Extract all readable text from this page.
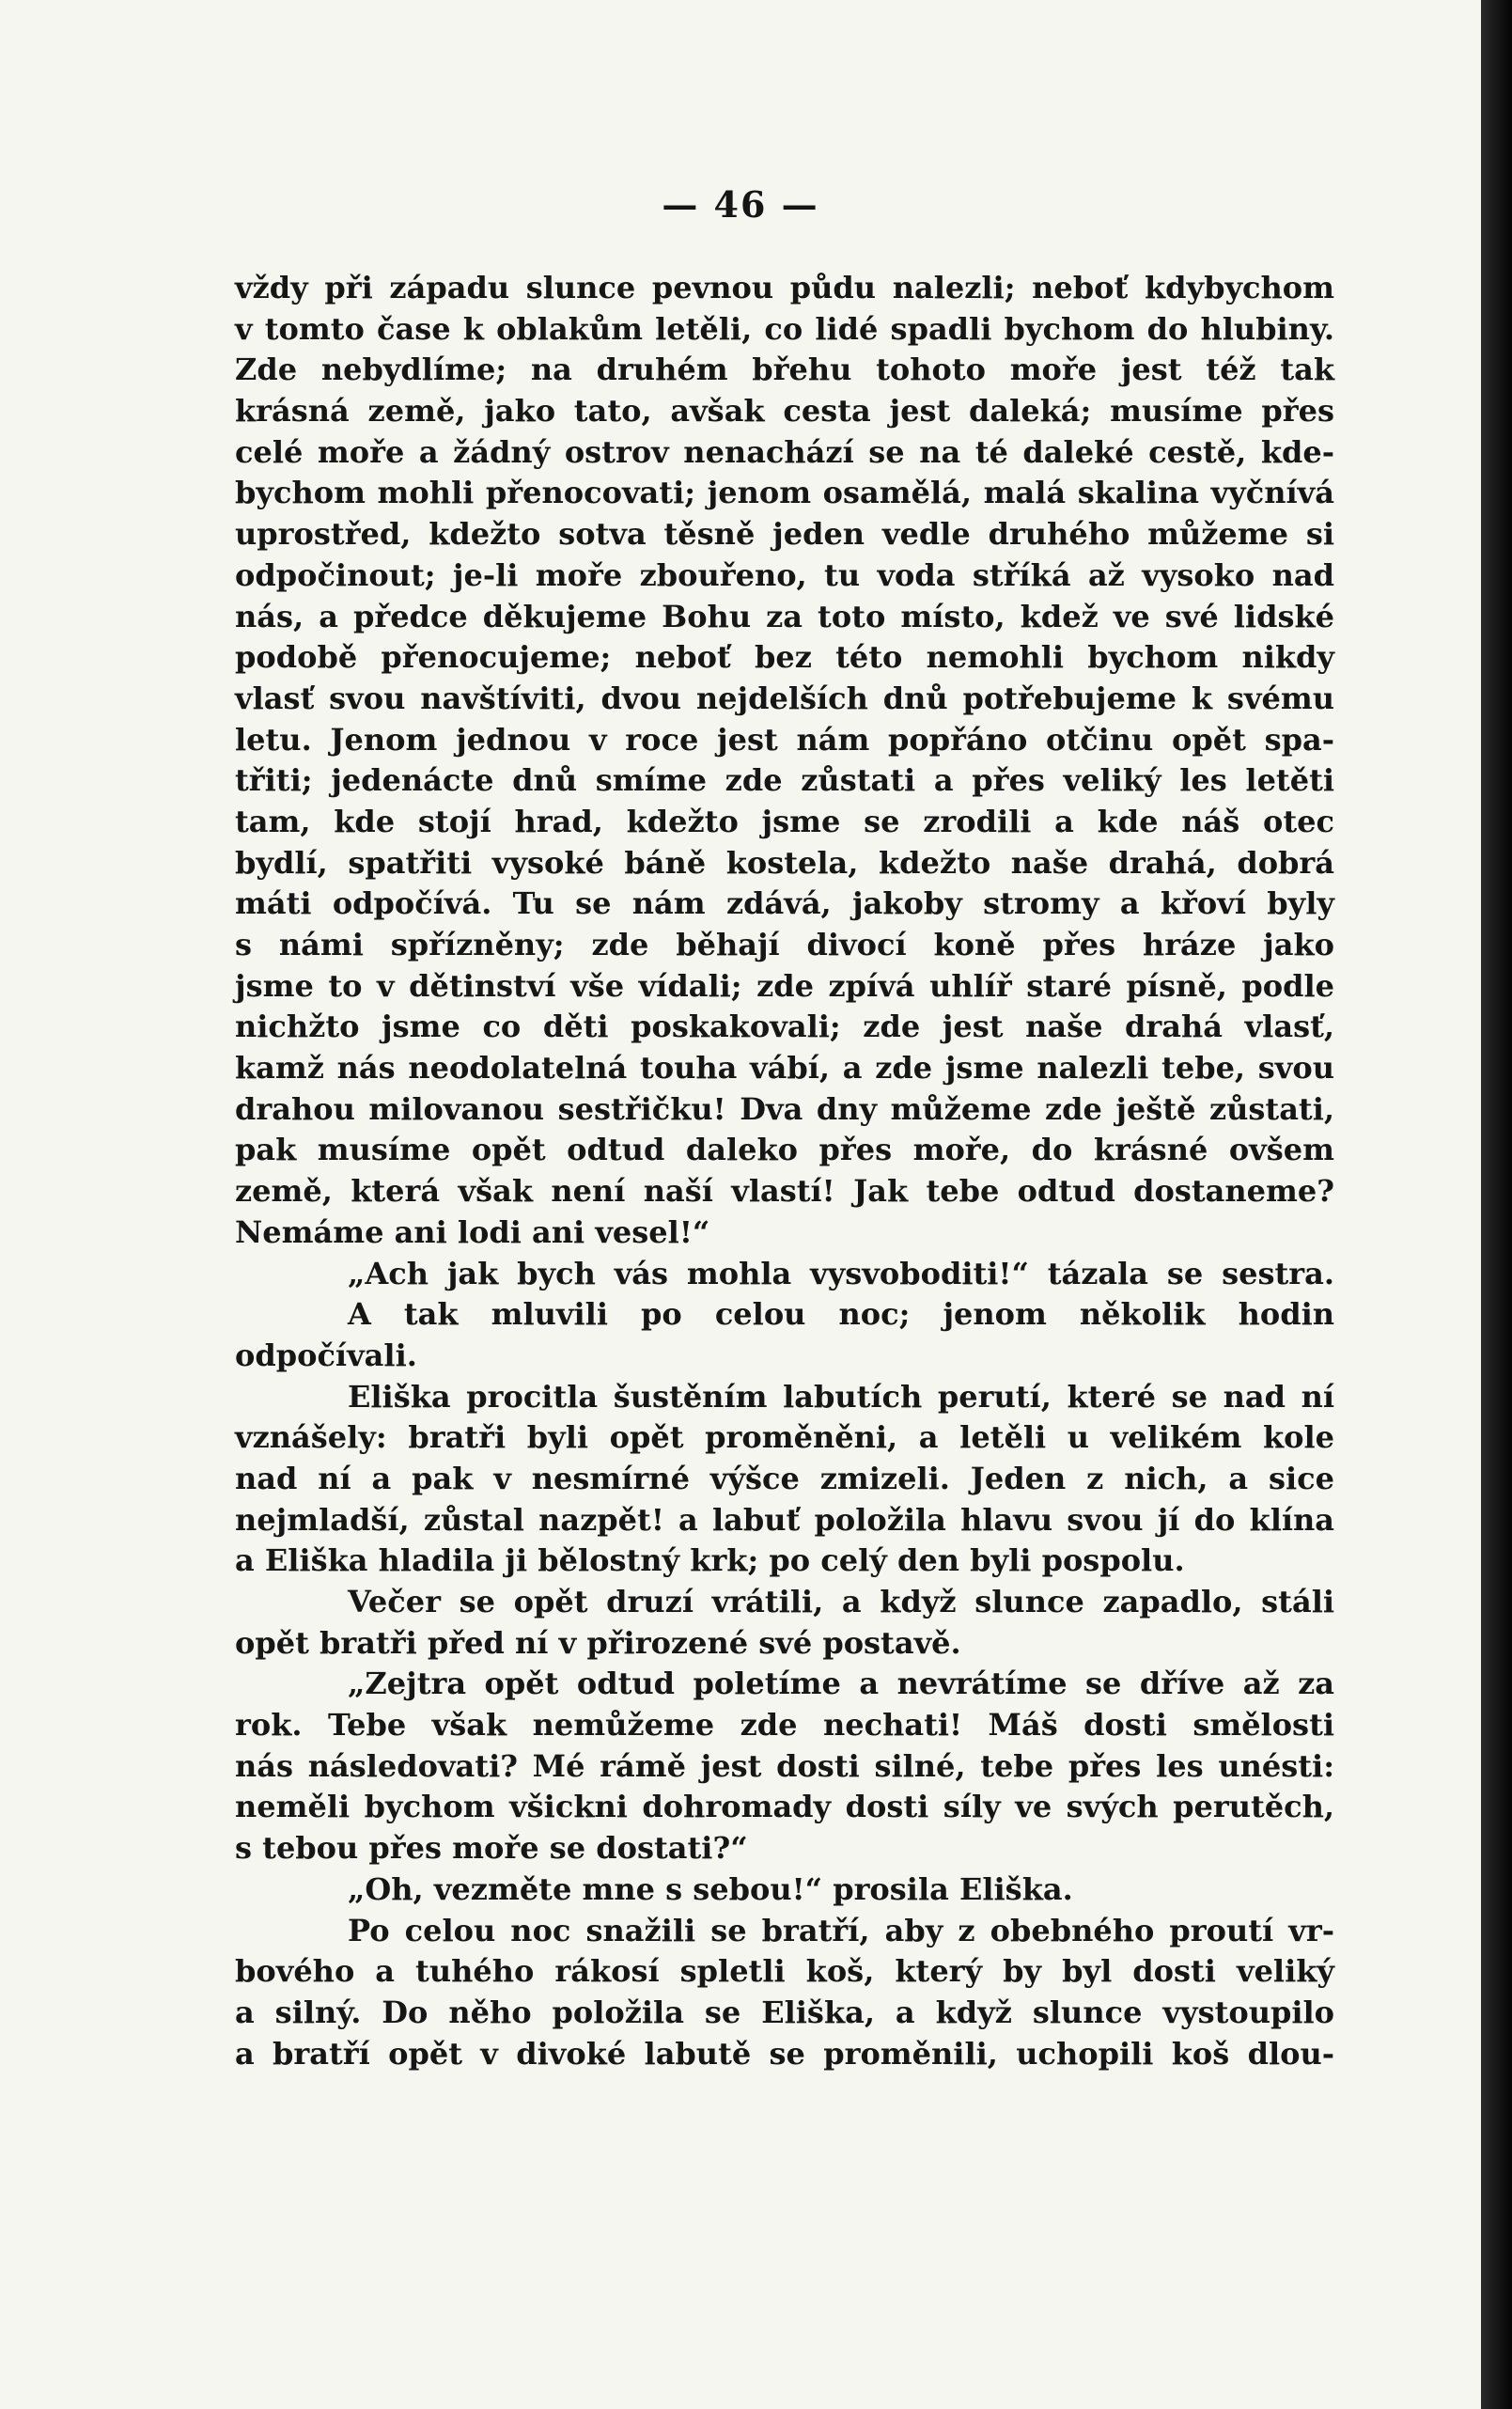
— 46 —
vždy při západu slunce pevnou půdu nalezli; neboť kdybychom
v tomto čase k oblakům letěli, co lidé spadli bychom do hlubiny.
Zde nebydlíme; na druhém břehu tohoto moře jest též tak
krásná země, jako tato, avšak cesta jest daleká; musíme přes
celé moře a žádný ostrov nenachází se na té daleké cestě, kde-
bychom mohli přenocovati; jenom osamělá, malá skalina vyčnívá
uprostřed, kdežto sotva těsně jeden vedle druhého můžeme si
odpočinout; je-li moře zbouřeno, tu voda stříká až vysoko nad
nás, a předce děkujeme Bohu za toto místo, kdež ve své lidské
podobě přenocujeme; neboť bez této nemohli bychom nikdy
vlasť svou navštíviti, dvou nejdelších dnů potřebujeme k svému
letu. Jenom jednou v roce jest nám popřáno otčinu opět spa-
třiti; jedenácte dnů smíme zde zůstati a přes veliký les letěti
tam, kde stojí hrad, kdežto jsme se zrodili a kde náš otec
bydlí, spatřiti vysoké báně kostela, kdežto naše drahá, dobrá
máti odpočívá. Tu se nám zdává, jakoby stromy a křoví byly
s námi spřízněny; zde běhají divocí koně přes hráze jako
jsme to v dětinství vše vídali; zde zpívá uhlíř staré písně, podle
nichžto jsme co děti poskakovali; zde jest naše drahá vlasť,
kamž nás neodolatelná touha vábí, a zde jsme nalezli tebe, svou
drahou milovanou sestřičku! Dva dny můžeme zde ještě zůstati,
pak musíme opět odtud daleko přes moře, do krásné ovšem
země, která však není naší vlastí! Jak tebe odtud dostaneme?
Nemáme ani lodi ani vesel!“
„Ach jak bych vás mohla vysvoboditi!“ tázala se sestra.
A tak mluvili po celou noc; jenom několik hodin
odpočívali.
Eliška procitla šustěním labutích perutí, které se nad ní
vznášely: bratři byli opět proměněni, a letěli u velikém kole
nad ní a pak v nesmírné výšce zmizeli. Jeden z nich, a sice
nejmladší, zůstal nazpět! a labuť položila hlavu svou jí do klína
a Eliška hladila ji bělostný krk; po celý den byli pospolu.
Večer se opět druzí vrátili, a když slunce zapadlo, stáli
opět bratři před ní v přirozené své postavě.
„Zejtra opět odtud poletíme a nevrátíme se dříve až za
rok. Tebe však nemůžeme zde nechati! Máš dosti smělosti
nás následovati? Mé rámě jest dosti silné, tebe přes les unésti:
neměli bychom všickni dohromady dosti síly ve svých perutěch,
s tebou přes moře se dostati?“
„Oh, vezměte mne s sebou!“ prosila Eliška.
Po celou noc snažili se bratří, aby z obebného proutí vr-
bového a tuhého rákosí spletli koš, který by byl dosti veliký
a silný. Do něho položila se Eliška, a když slunce vystoupilo
a bratří opět v divoké labutě se proměnili, uchopili koš dlou-
